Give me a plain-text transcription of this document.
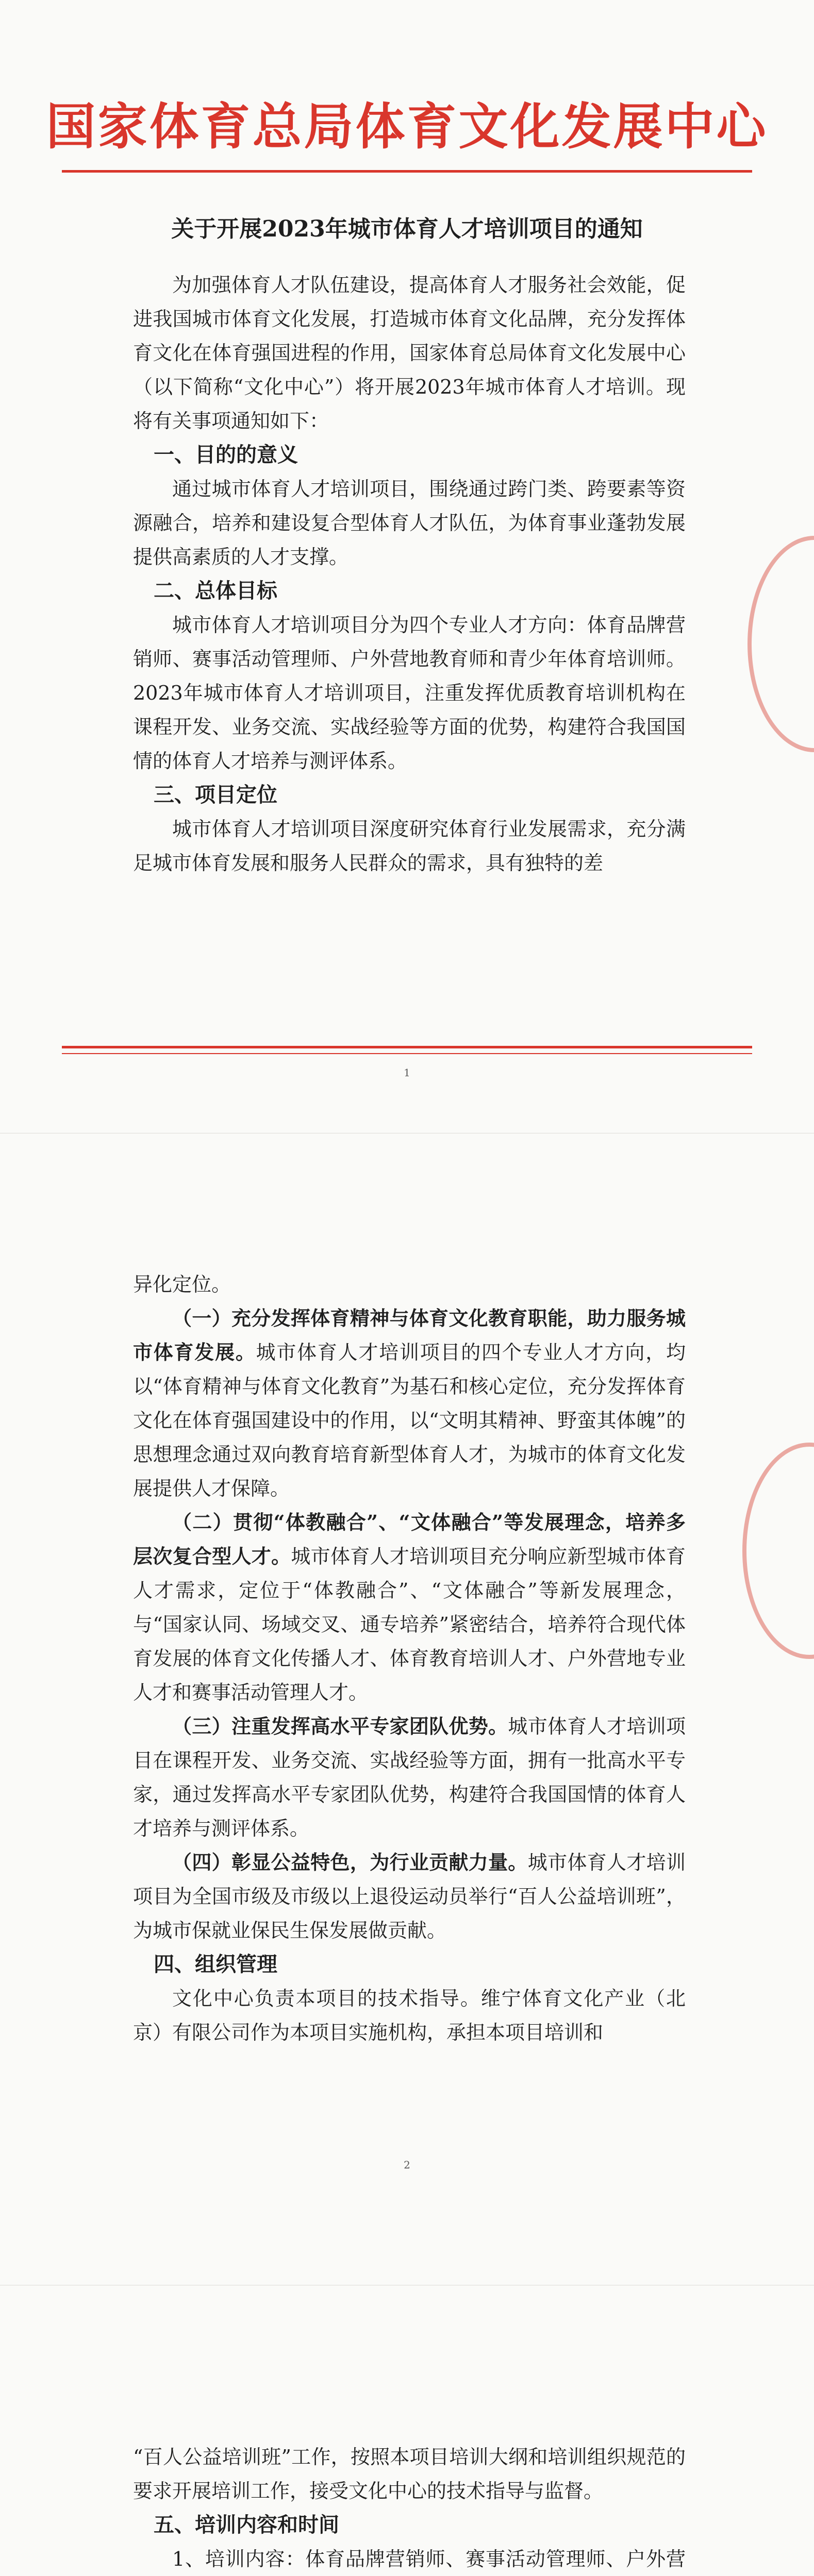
国家体育总局体育文化发展中心
关于开展2023年城市体育人才培训项目的通知

为加强体育人才队伍建设，提高体育人才服务社会效能，促进我国城市体育文化发展，打造城市体育文化品牌，充分发挥体育文化在体育强国进程的作用，国家体育总局体育文化发展中心（以下简称“文化中心”）将开展2023年城市体育人才培训。现将有关事项通知如下：

一、目的的意义

通过城市体育人才培训项目，围绕通过跨门类、跨要素等资源融合，培养和建设复合型体育人才队伍，为体育事业蓬勃发展提供高素质的人才支撑。

二、总体目标

城市体育人才培训项目分为四个专业人才方向：体育品牌营销师、赛事活动管理师、户外营地教育师和青少年体育培训师。2023年城市体育人才培训项目，注重发挥优质教育培训机构在课程开发、业务交流、实战经验等方面的优势，构建符合我国国情的体育人才培养与测评体系。

三、项目定位

城市体育人才培训项目深度研究体育行业发展需求，充分满足城市体育发展和服务人民群众的需求，具有独特的差

1

异化定位。

（一）充分发挥体育精神与体育文化教育职能，助力服务城市体育发展。城市体育人才培训项目的四个专业人才方向，均以“体育精神与体育文化教育”为基石和核心定位，充分发挥体育文化在体育强国建设中的作用，以“文明其精神、野蛮其体魄”的思想理念通过双向教育培育新型体育人才，为城市的体育文化发展提供人才保障。

（二）贯彻“体教融合”、“文体融合”等发展理念，培养多层次复合型人才。城市体育人才培训项目充分响应新型城市体育人才需求，定位于“体教融合”、“文体融合”等新发展理念，与“国家认同、场域交叉、通专培养”紧密结合，培养符合现代体育发展的体育文化传播人才、体育教育培训人才、户外营地专业人才和赛事活动管理人才。

（三）注重发挥高水平专家团队优势。城市体育人才培训项目在课程开发、业务交流、实战经验等方面，拥有一批高水平专家，通过发挥高水平专家团队优势，构建符合我国国情的体育人才培养与测评体系。

（四）彰显公益特色，为行业贡献力量。城市体育人才培训项目为全国市级及市级以上退役运动员举行“百人公益培训班”，为城市保就业保民生保发展做贡献。

四、组织管理

文化中心负责本项目的技术指导。维宁体育文化产业（北京）有限公司作为本项目实施机构，承担本项目培训和

2

“百人公益培训班”工作，按照本项目培训大纲和培训组织规范的要求开展培训工作，接受文化中心的技术指导与监督。

五、培训内容和时间

1、培训内容：体育品牌营销师、赛事活动管理师、户外营
